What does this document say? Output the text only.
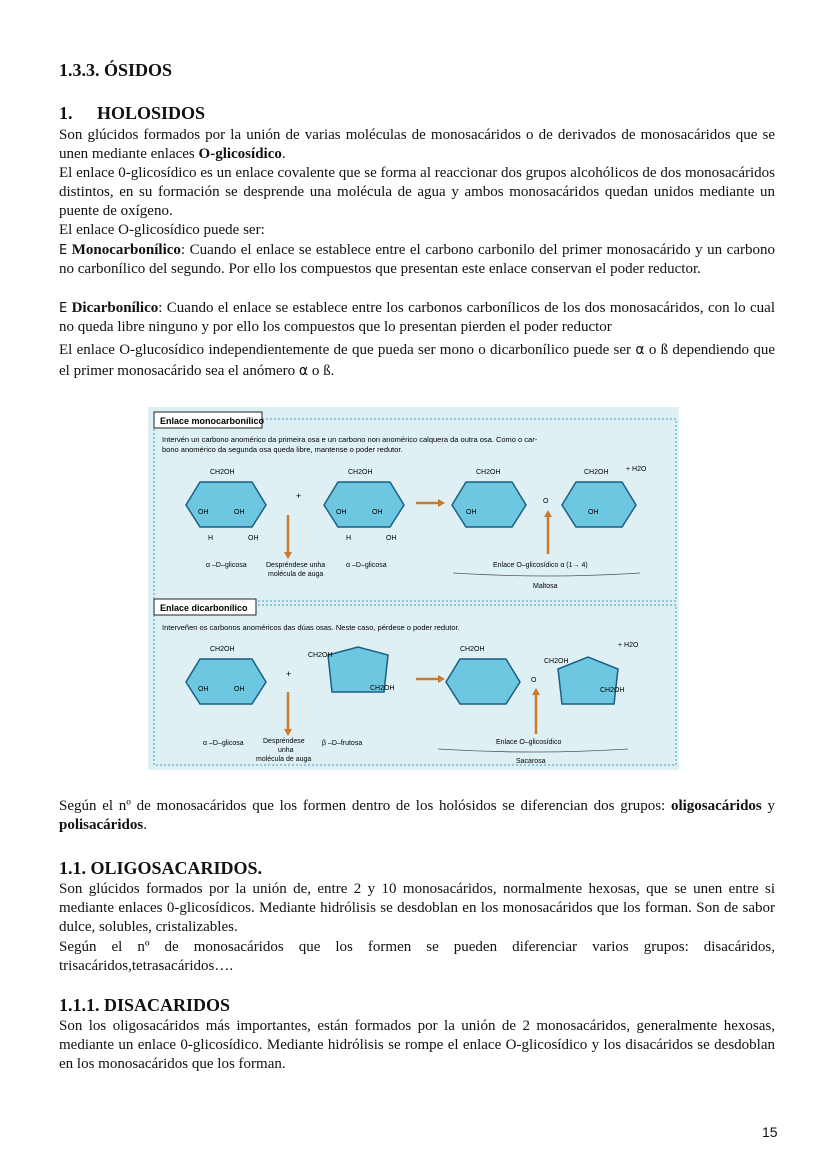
1.3.3. ÓSIDOS
1. HOLOSIDOS

Son glúcidos formados por la unión de varias moléculas de monosacáridos o de derivados de monosacáridos que se unen mediante enlaces O-glicosídico.

El enlace 0-glicosídico es un enlace covalente que se forma al reaccionar dos grupos alcohólicos de dos monosacáridos distintos, en su formación se desprende una molécula de agua y ambos monosacáridos quedan unidos mediante un puente de oxígeno.

El enlace O-glicosídico puede ser:

E Monocarbonílico: Cuando el enlace se establece entre el carbono carbonilo del primer monosacárido y un carbono no carbonílico del segundo. Por ello los compuestos que presentan este enlace conservan el poder reductor.

E Dicarbonílico: Cuando el enlace se establece entre los carbonos carbonílicos de los dos monosacáridos, con lo cual no queda libre ninguno y por ello los compuestos que lo presentan pierden el poder reductor

El enlace O-glucosídico independientemente de que pueda ser mono o dicarbonílico puede ser α o ß dependiendo que el primer monosacárido sea el anómero α o ß.

Según el nº de monosacáridos que los formen dentro de los holósidos se diferencian dos grupos: oligosacáridos y polisacáridos.

1.1. OLIGOSACARIDOS.

Son glúcidos formados por la unión de, entre 2 y 10 monosacáridos, normalmente hexosas, que se unen entre si mediante enlaces 0-glicosídicos. Mediante hidrólisis se desdoblan en los monosacáridos que los forman. Son de sabor dulce, solubles, cristalizables.

Según el nº de monosacáridos que los formen se pueden diferenciar varios grupos: disacáridos, trisacáridos,tetrasacáridos….

1.1.1. DISACARIDOS

Son los oligosacáridos más importantes, están formados por la unión de 2 monosacáridos, generalmente hexosas, mediante un enlace 0-glicosídico. Mediante hidrólisis se rompe el enlace O-glicosídico y los disacáridos se desdoblan en los monosacáridos que los forman.

Enlace monocarbonílico
Intervén un carbono anomérico da primeira osa e un carbono non anomérico calquera da outra osa. Como o car-
bono anomérico da segunda osa queda libre, mantense o poder redutor.
Enlace dicarbonílico
Interveñen os carbonos anoméricos das dúas osas. Neste caso, pérdese o poder redutor.
CH2OH
OH	OH
H	OH
+
CH2OH
OH	OH
H	OH
O
CH2OH	CH2OH
OH	OH
+ H2O
α –D–glicosa	Despréndese unha
molécula de auga
α –D–glicosa	Enlace O–glicosídico α (1→ 4)
Maltosa
CH2OH
OH	OH
+
CH2OH
CH2OH
O
CH2OH
CH2OH
CH2OH
+ H2O
α –D–glicosa	Despréndese
unha
molécula de auga
β –D–frutosa	Enlace O–glicosídico
Sacarosa
15
